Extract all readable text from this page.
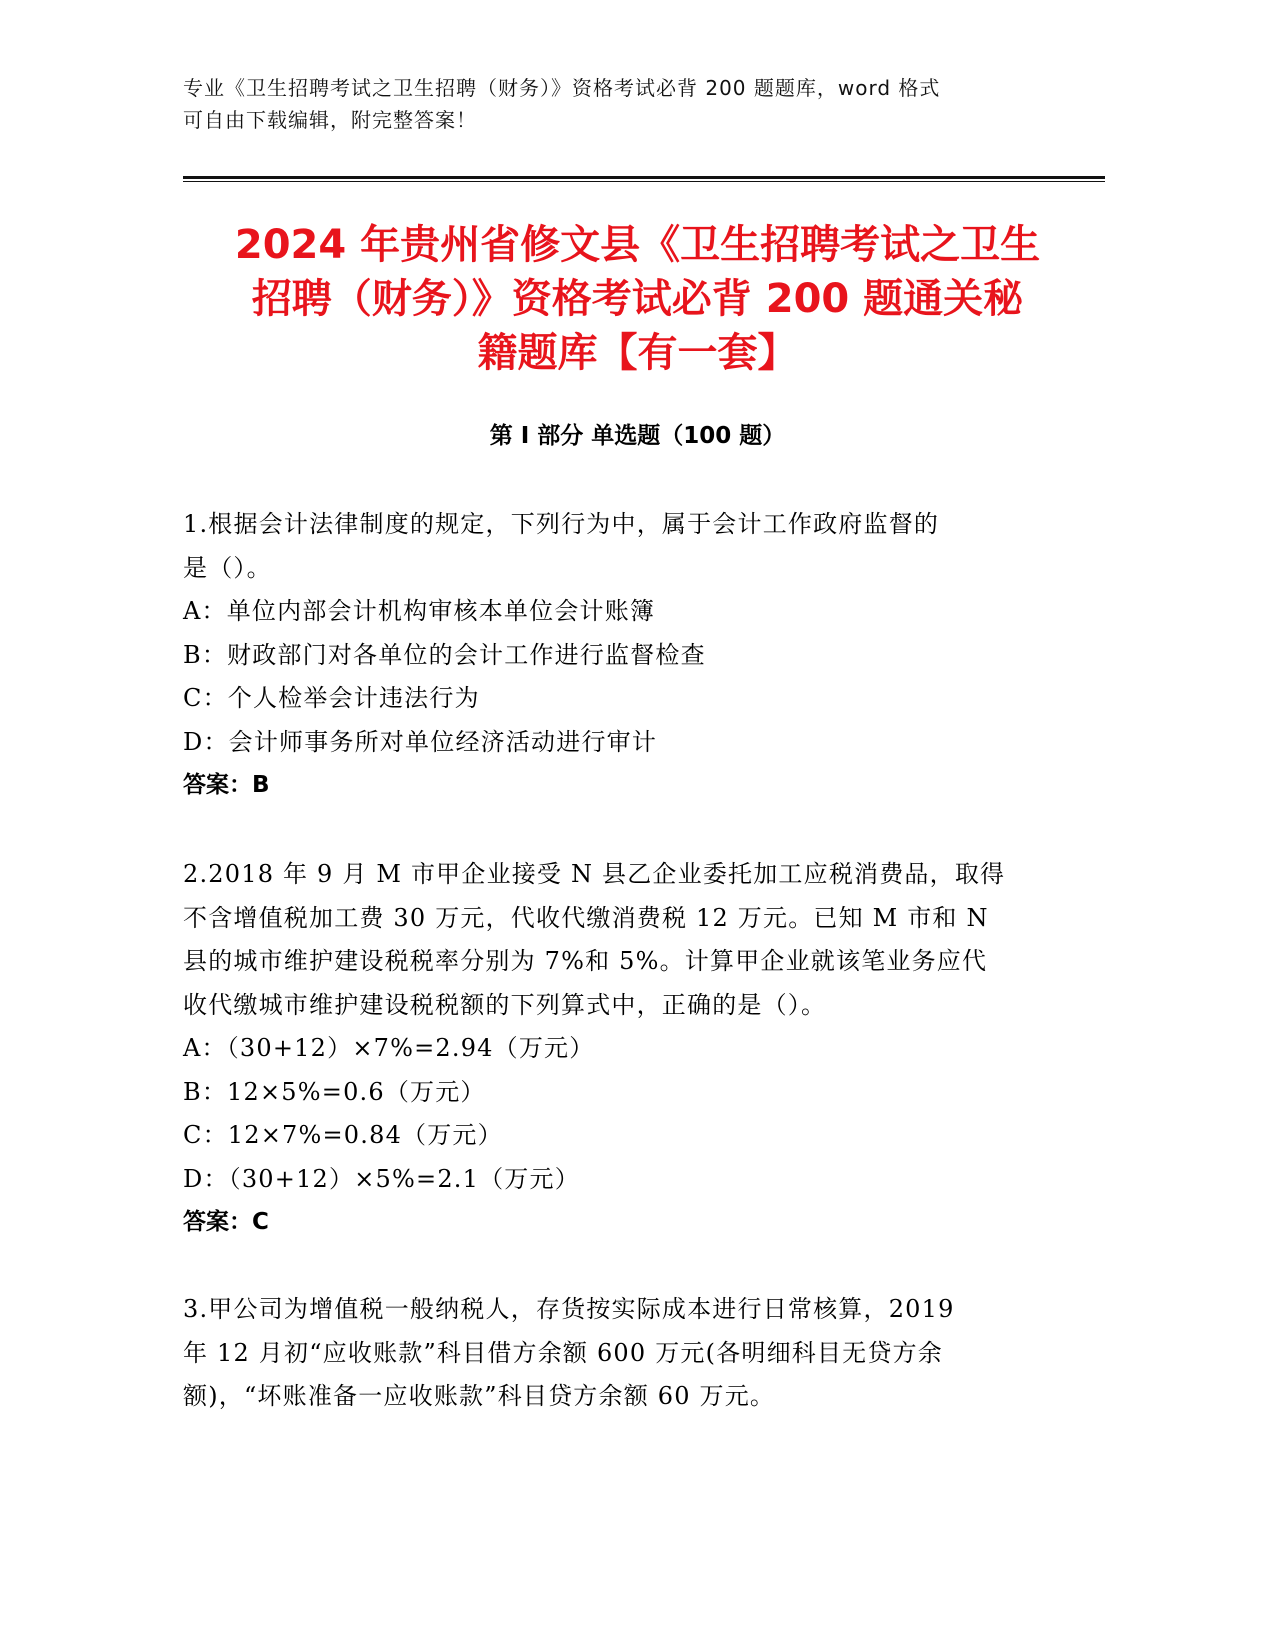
专业《卫生招聘考试之卫生招聘（财务）》资格考试必背 200 题题库，word 格式
可自由下载编辑，附完整答案！
2024 年贵州省修文县《卫生招聘考试之卫生
招聘（财务）》资格考试必背 200 题通关秘
籍题库【有一套】
第 I 部分 单选题（100 题）
1.根据会计法律制度的规定，下列行为中，属于会计工作政府监督的
是（）。
A：单位内部会计机构审核本单位会计账簿
B：财政部门对各单位的会计工作进行监督检查
C：个人检举会计违法行为
D：会计师事务所对单位经济活动进行审计
答案：B
2.2018 年 9 月 M 市甲企业接受 N 县乙企业委托加工应税消费品，取得
不含增值税加工费 30 万元，代收代缴消费税 12 万元。已知 M 市和 N
县的城市维护建设税税率分别为 7%和 5%。计算甲企业就该笔业务应代
收代缴城市维护建设税税额的下列算式中，正确的是（）。
A：（30+12）×7%=2.94（万元）
B：12×5%=0.6（万元）
C：12×7%=0.84（万元）
D：（30+12）×5%=2.1（万元）
答案：C
3.甲公司为增值税一般纳税人，存货按实际成本进行日常核算，2019
年 12 月初“应收账款”科目借方余额 600 万元(各明细科目无贷方余
额)，“坏账准备一应收账款”科目贷方余额 60 万元。
